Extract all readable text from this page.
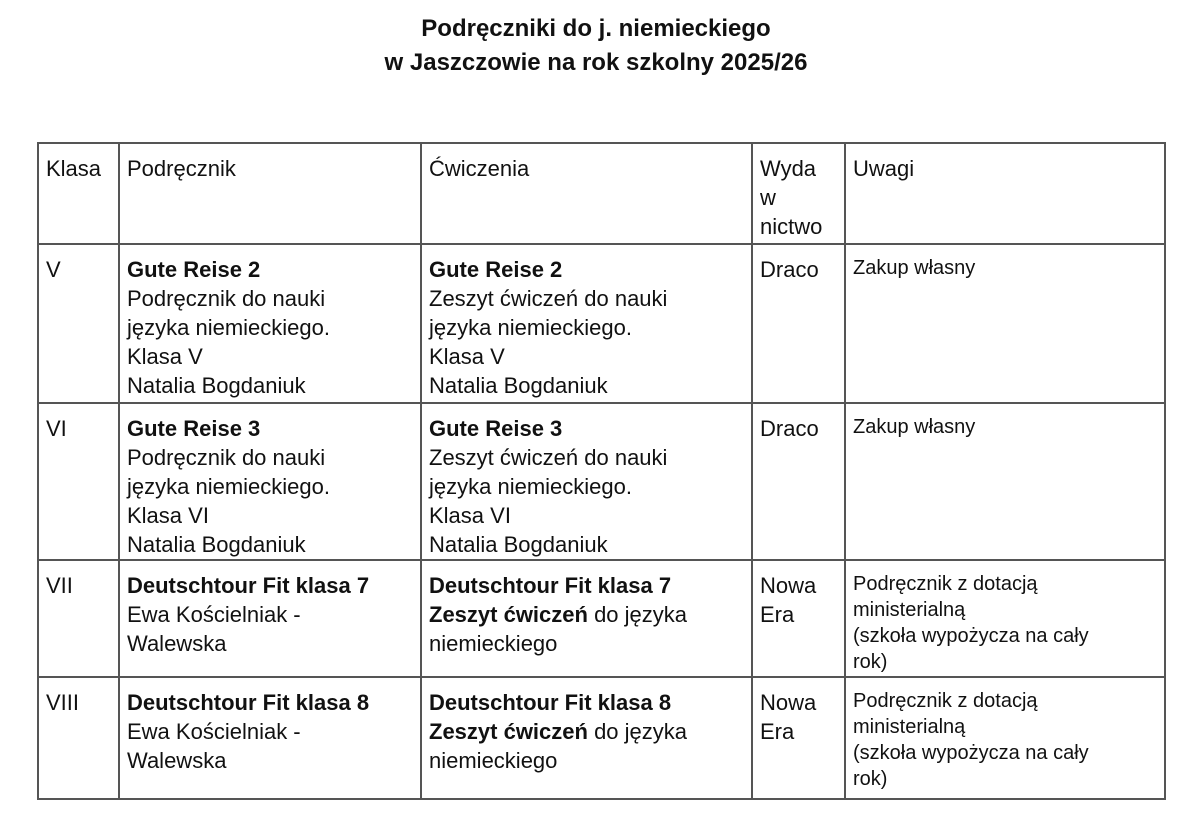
Podręczniki do j. niemieckiego
w Jaszczowie na rok szkolny 2025/26
Klasa	Podręcznik	Ćwiczenia	Wyda
w
nictwo	Uwagi
V	Gute Reise 2
Podręcznik do nauki
języka niemieckiego.
Klasa V
Natalia Bogdaniuk	Gute Reise 2
Zeszyt ćwiczeń do nauki
języka niemieckiego.
Klasa V
Natalia Bogdaniuk	Draco	Zakup własny

VI	Gute Reise 3
Podręcznik do nauki
języka niemieckiego.
Klasa VI
Natalia Bogdaniuk	Gute Reise 3
Zeszyt ćwiczeń do nauki
języka niemieckiego.
Klasa VI
Natalia Bogdaniuk	Draco	Zakup własny

VII	Deutschtour Fit klasa 7
Ewa Kościelniak -
Walewska	Deutschtour Fit klasa 7
Zeszyt ćwiczeń do języka
niemieckiego	Nowa
Era	Podręcznik z dotacją
ministerialną
(szkoła wypożycza na cały
rok)

VIII	Deutschtour Fit klasa 8
Ewa Kościelniak -
Walewska	Deutschtour Fit klasa 8
Zeszyt ćwiczeń do języka
niemieckiego	Nowa
Era	Podręcznik z dotacją
ministerialną
(szkoła wypożycza na cały
rok)
